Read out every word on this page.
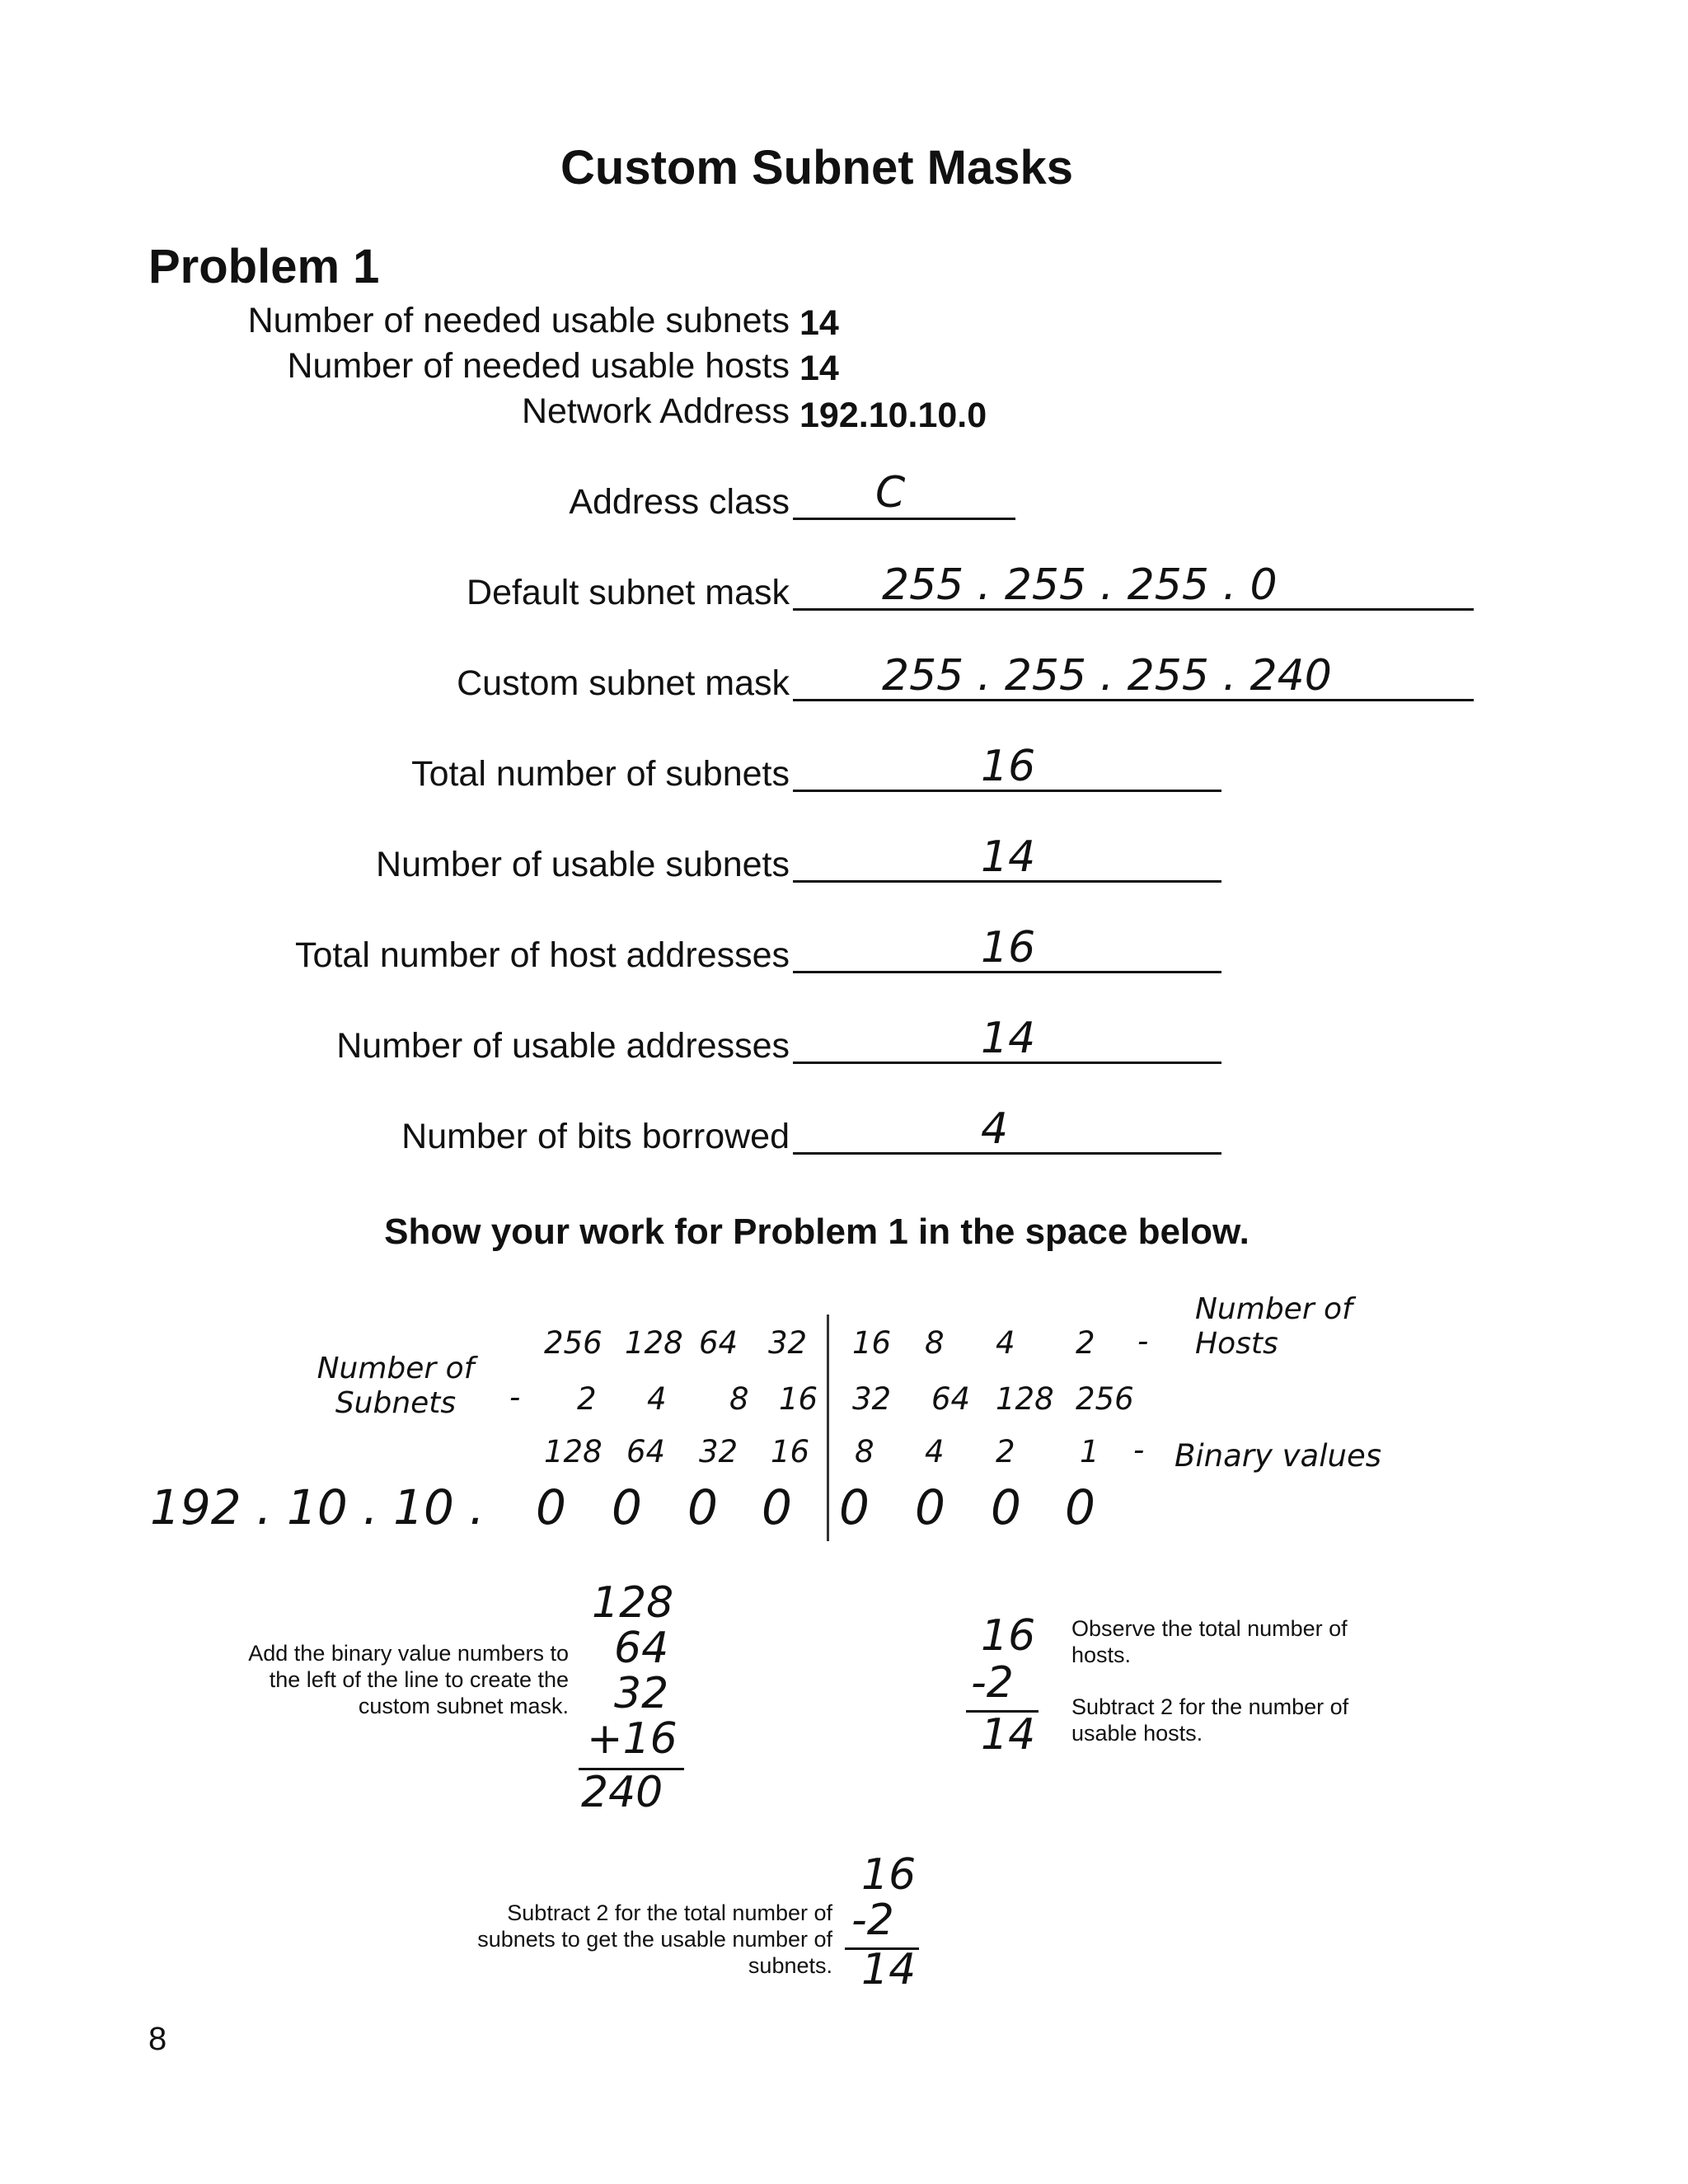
Custom Subnet Masks
Problem 1
Number of needed usable subnets 14
Number of needed usable hosts 14
Network Address 192.10.10.0
Address class C
Default subnet mask 255 . 255 . 255 . 0
Custom subnet mask 255 . 255 . 255 . 240
Total number of subnets	16
Number of usable subnets	14
Total number of host addresses	16
Number of usable addresses	14
Number of bits borrowed	4
Show your work for Problem 1 in the space below.
Number of Hosts
Number of Subnets
256 128 64 32 16 8 4 2 -
- 2 4 8 16 32 64 128 256
128 64 32 16 8 4 2 1 - Binary values
192 . 10 . 10 . 0 0 0 0 0 0 0 0
Add the binary value numbers to the left of the line to create the custom subnet mask.
128
64
32
+16
240
16
-2
14
Observe the total number of hosts.
Subtract 2 for the number of usable hosts.
Subtract 2 for the total number of subnets to get the usable number of subnets.
16
-2
14
8
